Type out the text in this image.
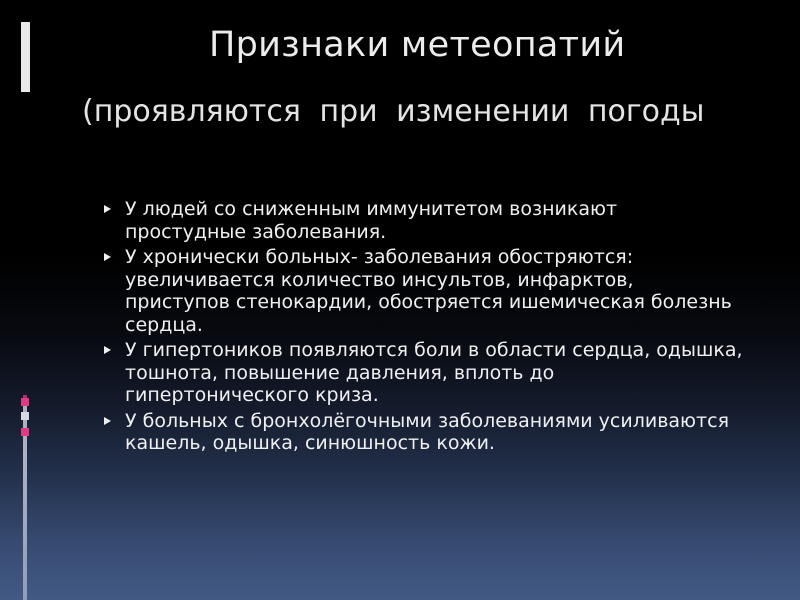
Признаки метеопатий
(проявляются при изменении погоды
У людей со сниженным иммунитетом возникают простудные заболевания.
У хронически больных- заболевания обостряются: увеличивается количество инсультов, инфарктов, приступов стенокардии, обостряется ишемическая болезнь сердца.
У гипертоников появляются боли в области сердца, одышка, тошнота, повышение давления, вплоть до гипертонического криза.
У больных с бронхолёгочными заболеваниями усиливаются кашель, одышка, синюшность кожи.
